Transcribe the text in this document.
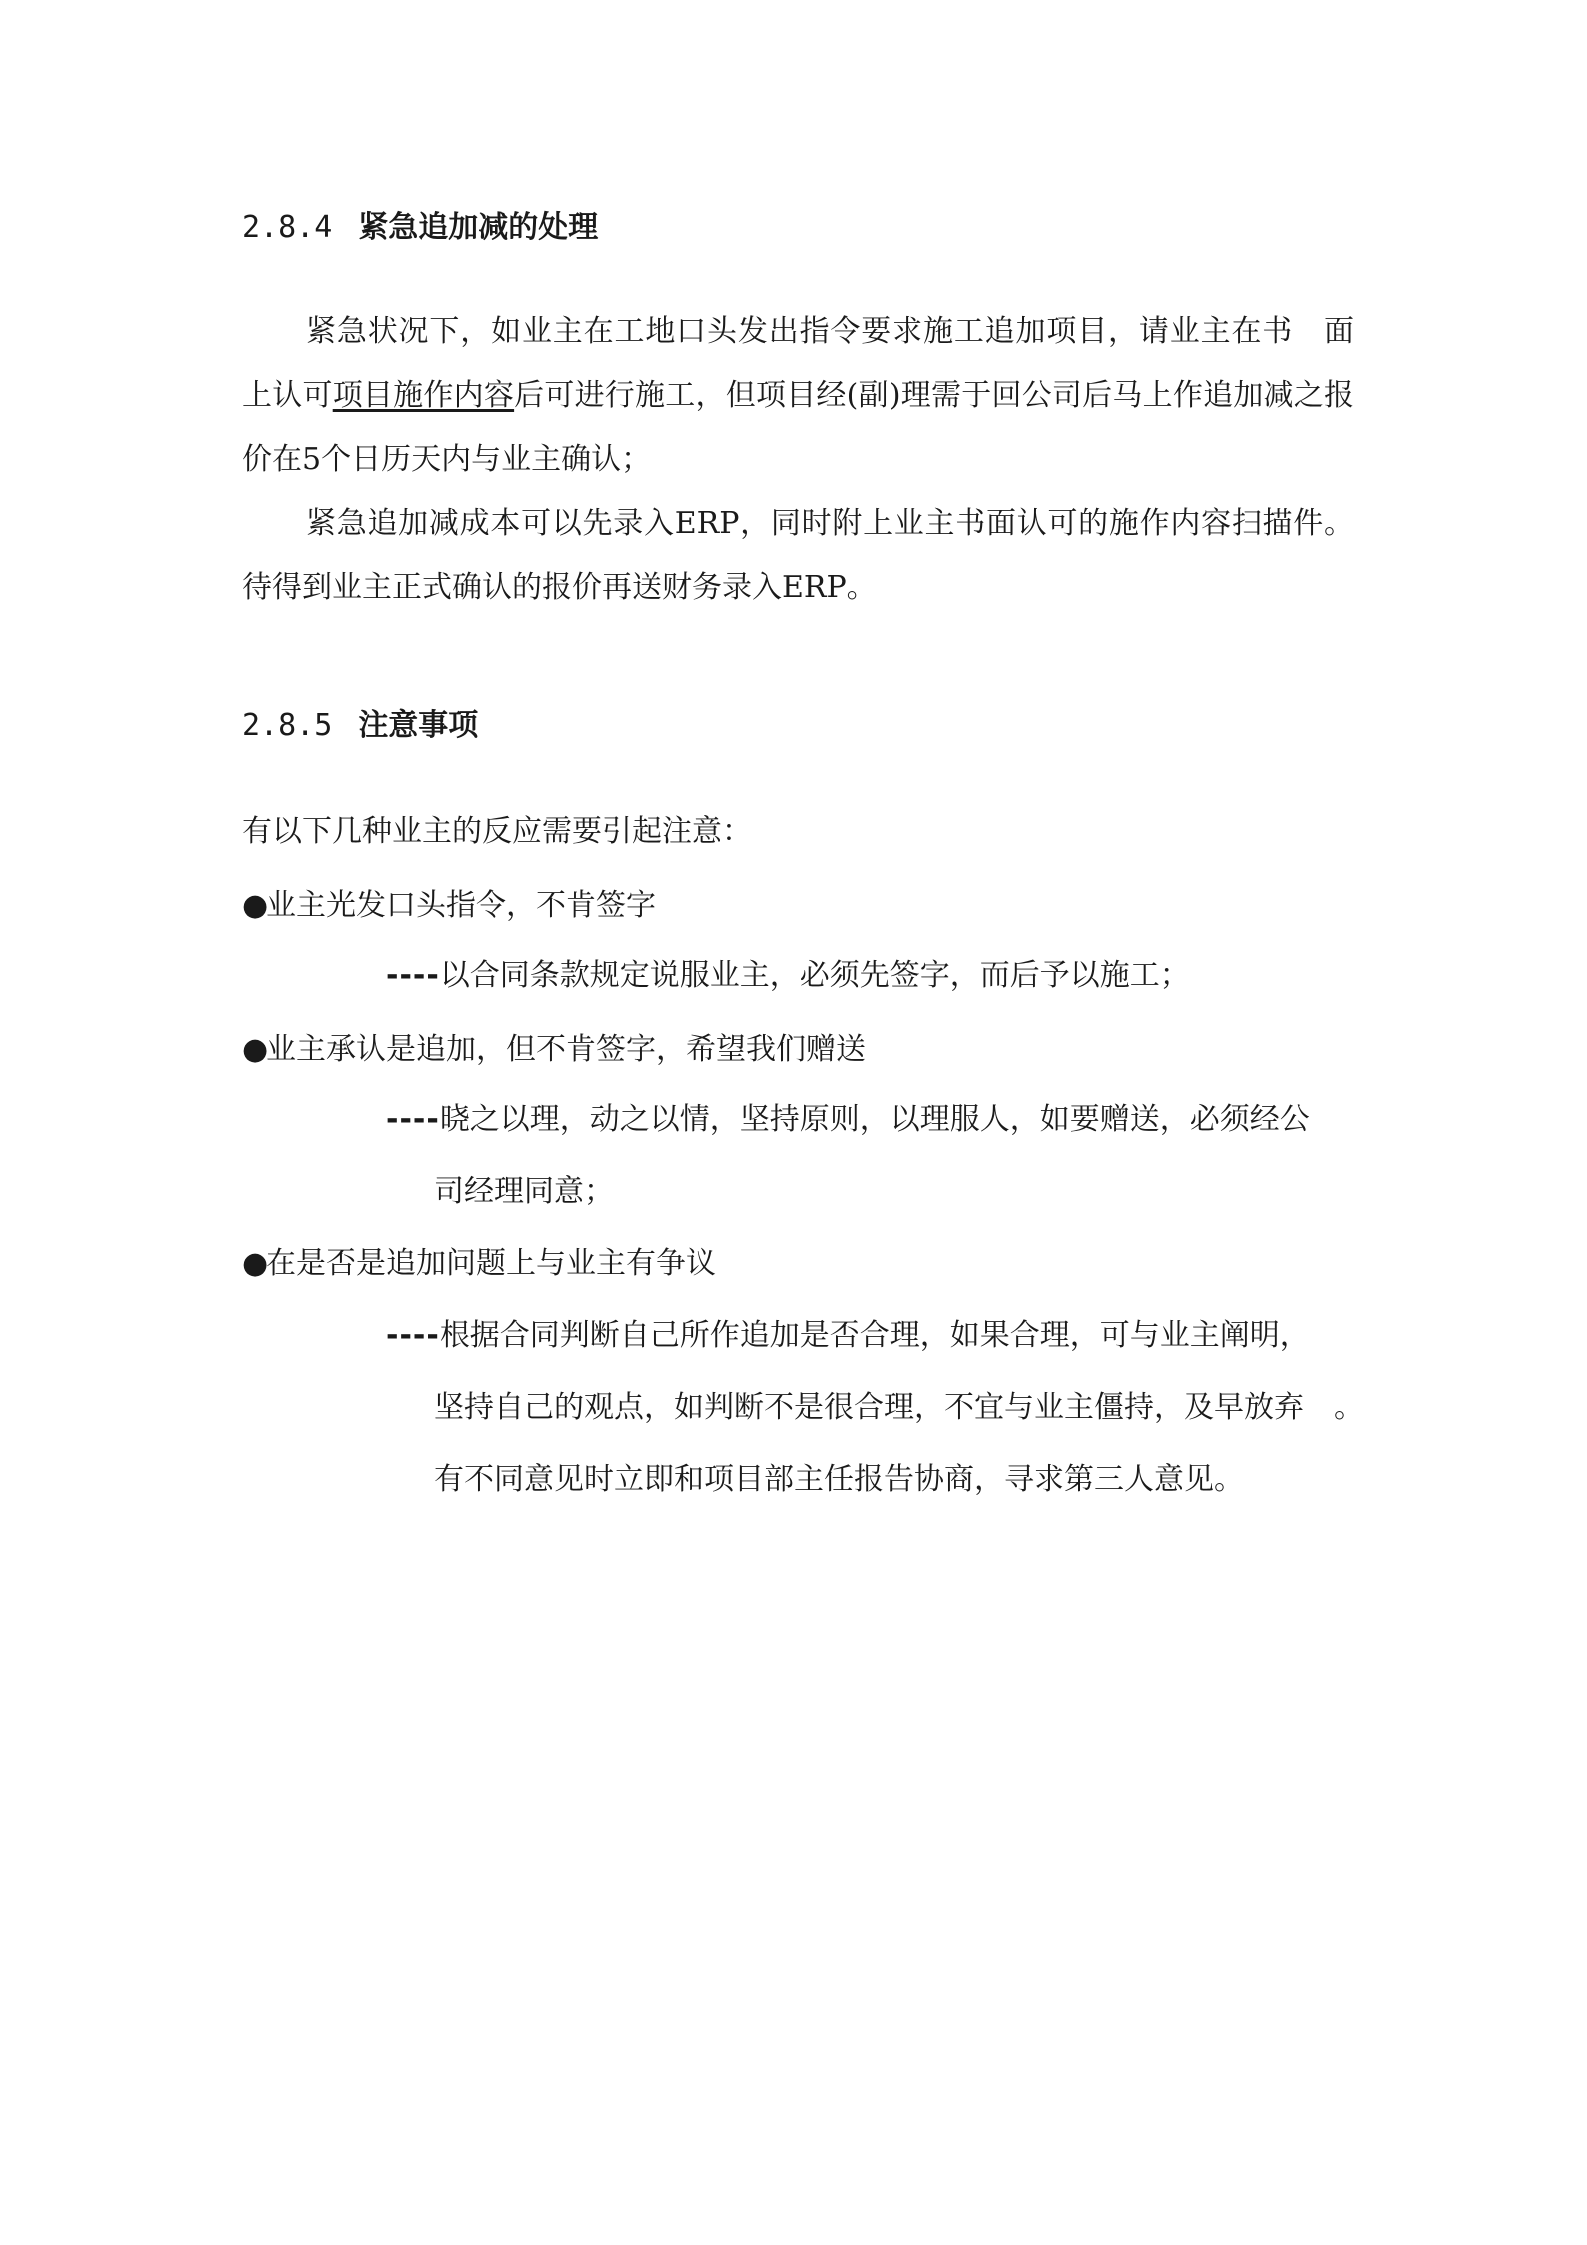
2.8.4 紧急追加减的处理

紧急状况下，如业主在工地口头发出指令要求施工追加项目，请业主在书　面上认可项目施作内容后可进行施工，但项目经(副)理需于回公司后马上作追加减之报价在5个日历天内与业主确认；

紧急追加减成本可以先录入ERP，同时附上业主书面认可的施作内容扫描件。待得到业主正式确认的报价再送财务录入ERP。

2.8.5 注意事项
有以下几种业主的反应需要引起注意：
●业主光发口头指令，不肯签字
----以合同条款规定说服业主，必须先签字，而后予以施工；
●业主承认是追加，但不肯签字，希望我们赠送
----晓之以理，动之以情，坚持原则，以理服人，如要赠送，必须经公
司经理同意；
●在是否是追加问题上与业主有争议
----根据合同判断自己所作追加是否合理，如果合理，可与业主阐明，
坚持自己的观点，如判断不是很合理，不宜与业主僵持，及早放弃　。
有不同意见时立即和项目部主任报告协商，寻求第三人意见。
